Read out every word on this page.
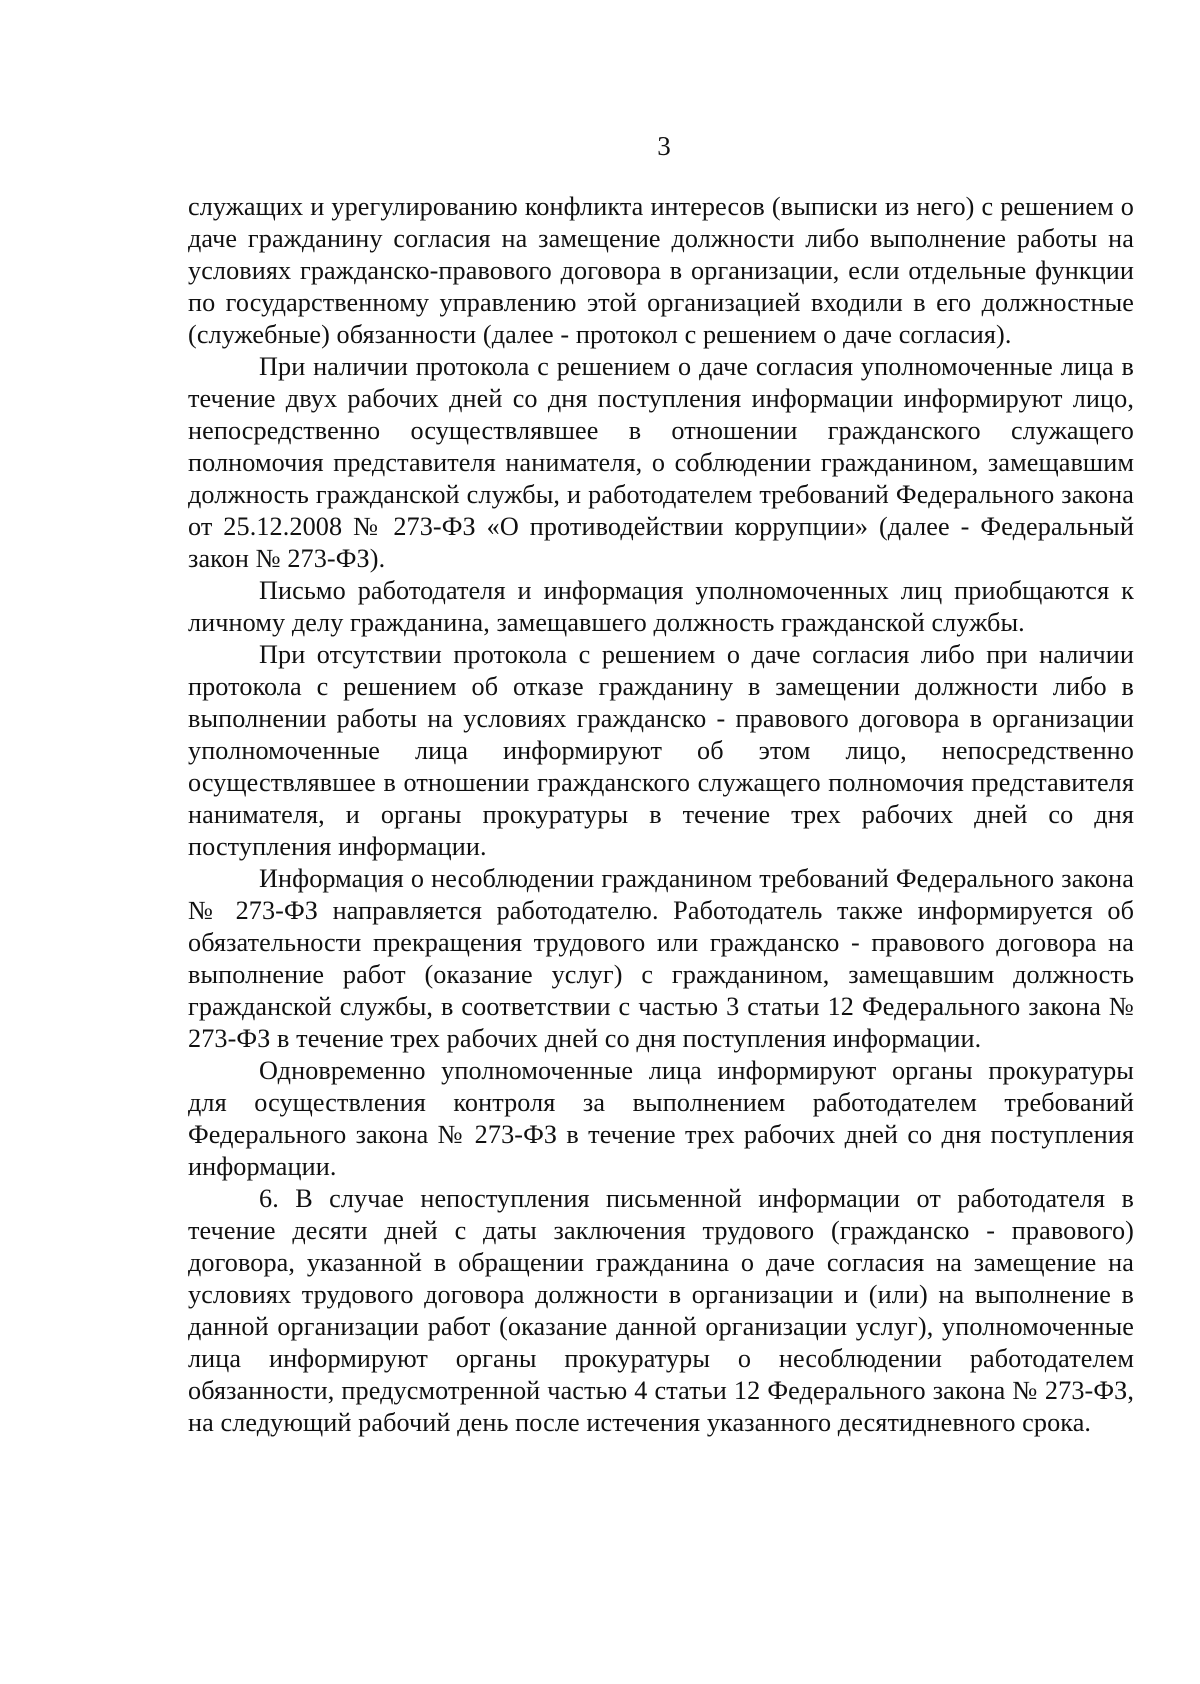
3

служащих и урегулированию конфликта интересов (выписки из него) с решением о даче гражданину согласия на замещение должности либо выполнение работы на условиях гражданско-правового договора в организации, если отдельные функции по государственному управлению этой организацией входили в его должностные (служебные) обязанности (далее - протокол с решением о даче согласия).

При наличии протокола с решением о даче согласия уполномоченные лица в течение двух рабочих дней со дня поступления информации информируют лицо, непосредственно осуществлявшее в отношении гражданского служащего полномочия представителя нанимателя, о соблюдении гражданином, замещавшим должность гражданской службы, и работодателем требований Федерального закона от 25.12.2008 № 273-ФЗ «О противодействии коррупции» (далее - Федеральный закон № 273-ФЗ).

Письмо работодателя и информация уполномоченных лиц приобщаются к личному делу гражданина, замещавшего должность гражданской службы.

При отсутствии протокола с решением о даче согласия либо при наличии протокола с решением об отказе гражданину в замещении должности либо в выполнении работы на условиях гражданско - правового договора в организации уполномоченные лица информируют об этом лицо, непосредственно осуществлявшее в отношении гражданского служащего полномочия представителя нанимателя, и органы прокуратуры в течение трех рабочих дней со дня поступления информации.

Информация о несоблюдении гражданином требований Федерального закона № 273-ФЗ направляется работодателю. Работодатель также информируется об обязательности прекращения трудового или гражданско - правового договора на выполнение работ (оказание услуг) с гражданином, замещавшим должность гражданской службы, в соответствии с частью 3 статьи 12 Федерального закона № 273-ФЗ в течение трех рабочих дней со дня поступления информации.

Одновременно уполномоченные лица информируют органы прокуратуры для осуществления контроля за выполнением работодателем требований Федерального закона № 273-ФЗ в течение трех рабочих дней со дня поступления информации.

6. В случае непоступления письменной информации от работодателя в течение десяти дней с даты заключения трудового (гражданско - правового) договора, указанной в обращении гражданина о даче согласия на замещение на условиях трудового договора должности в организации и (или) на выполнение в данной организации работ (оказание данной организации услуг), уполномоченные лица информируют органы прокуратуры о несоблюдении работодателем обязанности, предусмотренной частью 4 статьи 12 Федерального закона № 273-ФЗ, на следующий рабочий день после истечения указанного десятидневного срока.
